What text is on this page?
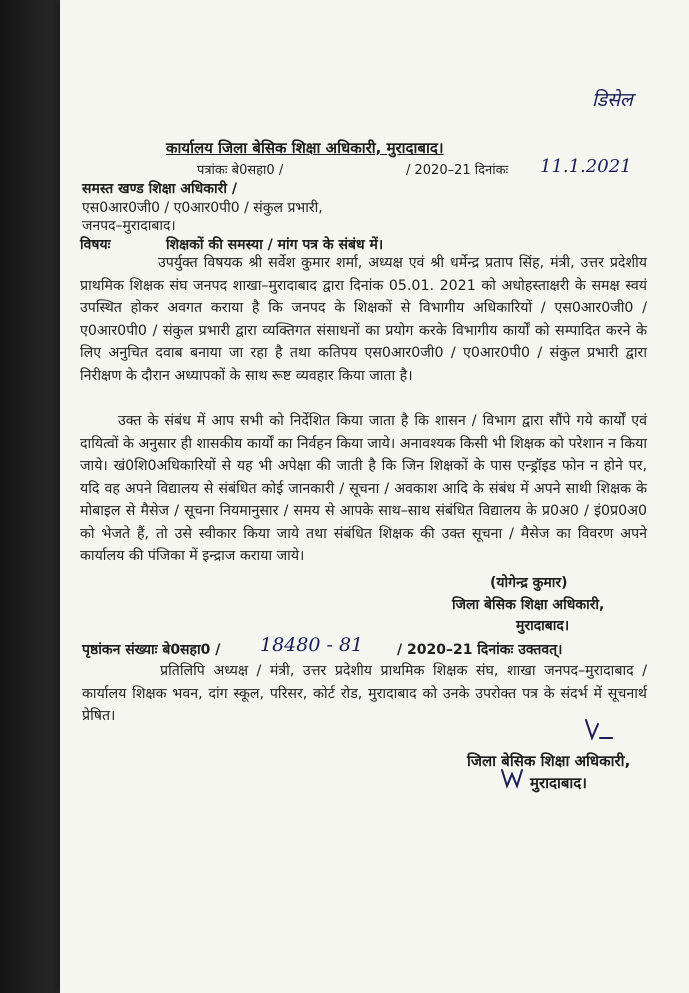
डिसेल
कार्यालय जिला बेसिक शिक्षा अधिकारी, मुरादाबाद।
पत्रांकः बे0सहा0 /	/ 2020–21 दिनांकः 11.1.2021
समस्त खण्ड शिक्षा अधिकारी /
एस0आर0जी0 / ए0आर0पी0 / संकुल प्रभारी,
जनपद–मुरादाबाद।
विषयः	शिक्षकों की समस्या / मांग पत्र के संबंध में।

उपर्युक्त विषयक श्री सर्वेश कुमार शर्मा, अध्यक्ष एवं श्री धर्मेन्द्र प्रताप सिंह, मंत्री, उत्तर प्रदेशीय प्राथमिक शिक्षक संघ जनपद शाखा–मुरादाबाद द्वारा दिनांक 05.01. 2021 को अधोहस्ताक्षरी के समक्ष स्वयं उपस्थित होकर अवगत कराया है कि जनपद के शिक्षकों से विभागीय अधिकारियों / एस0आर0जी0 / ए0आर0पी0 / संकुल प्रभारी द्वारा व्यक्तिगत संसाधनों का प्रयोग करके विभागीय कार्यों को सम्पादित करने के लिए अनुचित दवाब बनाया जा रहा है तथा कतिपय एस0आर0जी0 / ए0आर0पी0 / संकुल प्रभारी द्वारा निरीक्षण के दौरान अध्यापकों के साथ रूष्ट व्यवहार किया जाता है।

उक्त के संबंध में आप सभी को निर्देशित किया जाता है कि शासन / विभाग द्वारा सौंपे गये कार्यों एवं दायित्वों के अनुसार ही शासकीय कार्यों का निर्वहन किया जाये। अनावश्यक किसी भी शिक्षक को परेशान न किया जाये। खं0शि0अधिकारियों से यह भी अपेक्षा की जाती है कि जिन शिक्षकों के पास एन्ड्रॉइड फोन न होने पर, यदि वह अपने विद्यालय से संबंधित कोई जानकारी / सूचना / अवकाश आदि के संबंध में अपने साथी शिक्षक के मोबाइल से मैसेज / सूचना नियमानुसार / समय से आपके साथ–साथ संबंधित विद्यालय के प्र0अ0 / इं0प्र0अ0 को भेजते हैं, तो उसे स्वीकार किया जाये तथा संबंधित शिक्षक की उक्त सूचना / मैसेज का विवरण अपने कार्यालय की पंजिका में इन्द्राज कराया जाये।

(योगेन्द्र कुमार)
जिला बेसिक शिक्षा अधिकारी,
मुरादाबाद।
पृष्ठांकन संख्याः बे0सहा0 / 18480 - 81 / 2020–21 दिनांकः उक्तवत्।

प्रतिलिपि अध्यक्ष / मंत्री, उत्तर प्रदेशीय प्राथमिक शिक्षक संघ, शाखा जनपद–मुरादाबाद / कार्यालय शिक्षक भवन, दांग स्कूल, परिसर, कोर्ट रोड, मुरादाबाद को उनके उपरोक्त पत्र के संदर्भ में सूचनार्थ प्रेषित।

जिला बेसिक शिक्षा अधिकारी,
मुरादाबाद।
